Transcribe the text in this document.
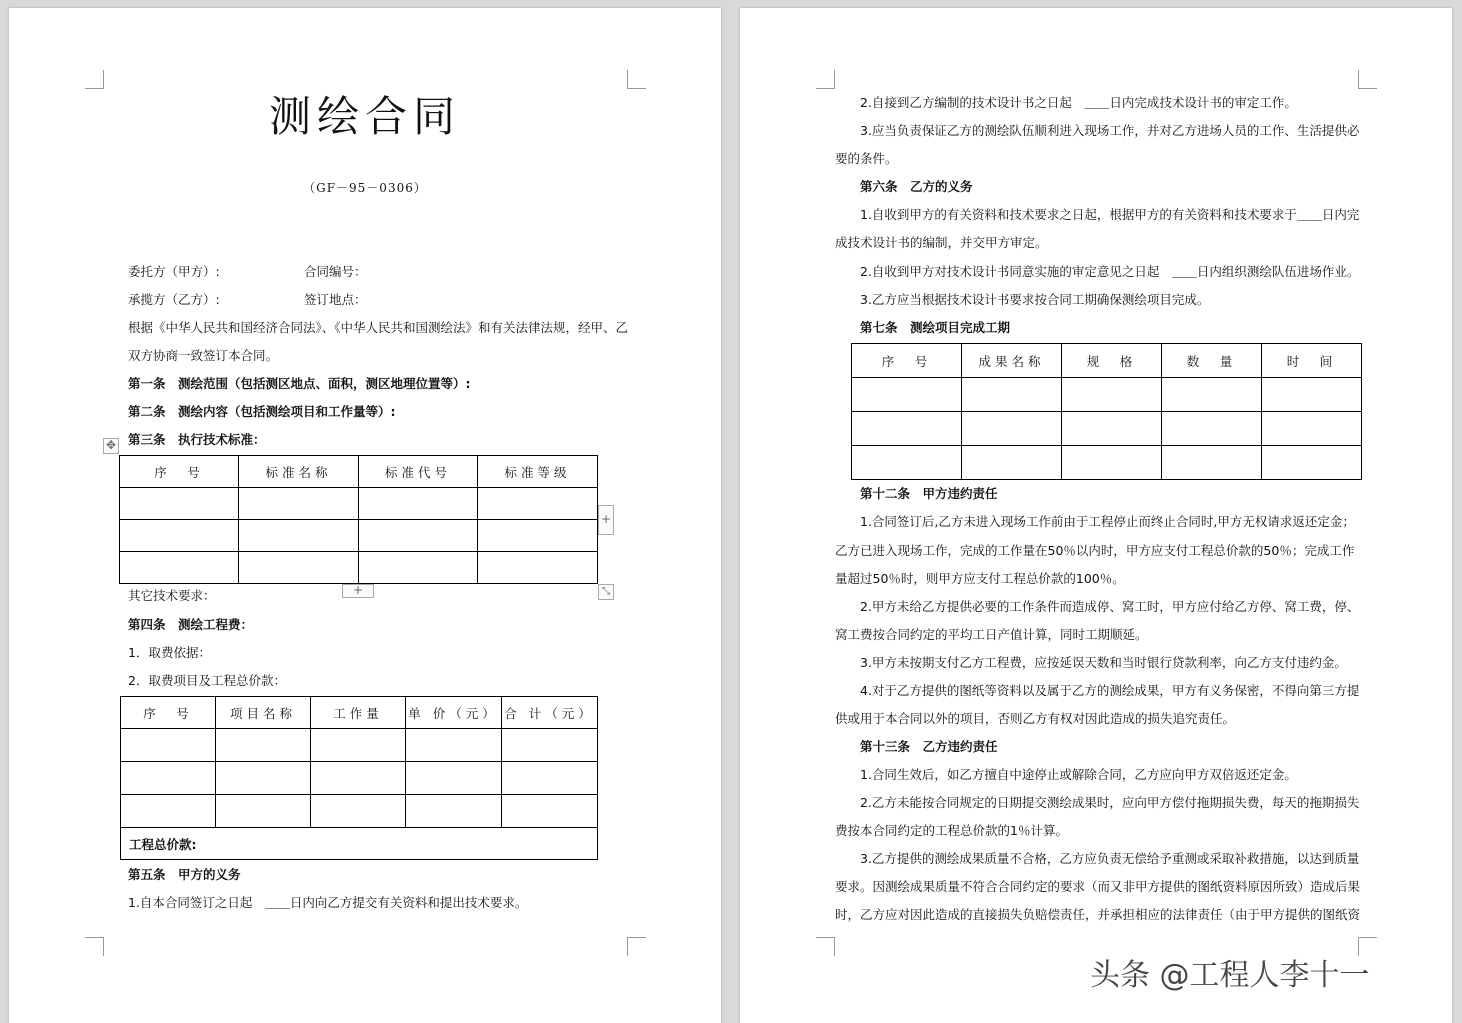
测绘合同
（GF－95－0306）
委托方（甲方）:	合同编号：
承揽方（乙方）:	签订地点：
根据《中华人民共和国经济合同法》、《中华人民共和国测绘法》和有关法律法规，经甲、乙
双方协商一致签订本合同。
第一条　测绘范围（包括测区地点、面积，测区地理位置等）:
第二条　测绘内容（包括测绘项目和工作量等）:
✥ 第三条　执行技术标准：
序　号	标准名称	标准代号	标准等级

+
+	⤡
其它技术要求：
第四条　测绘工程费：
1．取费依据：
2．取费项目及工程总价款：
序　号	项目名称	工作量	单 价（元）	合 计（元）

工程总价款:				
第五条　甲方的义务
1.自本合同签订之日起　＿＿日内向乙方提交有关资料和提出技术要求。
2.自接到乙方编制的技术设计书之日起　＿＿日内完成技术设计书的审定工作。
3.应当负责保证乙方的测绘队伍顺利进入现场工作，并对乙方进场人员的工作、生活提供必
要的条件。
第六条　乙方的义务
1.自收到甲方的有关资料和技术要求之日起，根据甲方的有关资料和技术要求于＿＿日内完
成技术设计书的编制，并交甲方审定。
2.自收到甲方对技术设计书同意实施的审定意见之日起　＿＿日内组织测绘队伍进场作业。
3.乙方应当根据技术设计书要求按合同工期确保测绘项目完成。
第七条　测绘项目完成工期
序　号	成果名称	规　格	数　量	时　间

第十二条　甲方违约责任
1.合同签订后,乙方未进入现场工作前由于工程停止而终止合同时,甲方无权请求返还定金；
乙方已进入现场工作，完成的工作量在50％以内时，甲方应支付工程总价款的50％；完成工作
量超过50％时，则甲方应支付工程总价款的100％。
2.甲方未给乙方提供必要的工作条件而造成停、窝工时，甲方应付给乙方停、窝工费，停、
窝工费按合同约定的平均工日产值计算，同时工期顺延。
3.甲方未按期支付乙方工程费，应按延误天数和当时银行贷款利率，向乙方支付违约金。
4.对于乙方提供的图纸等资料以及属于乙方的测绘成果，甲方有义务保密，不得向第三方提
供或用于本合同以外的项目，否则乙方有权对因此造成的损失追究责任。
第十三条　乙方违约责任
1.合同生效后，如乙方擅自中途停止或解除合同，乙方应向甲方双倍返还定金。
2.乙方未能按合同规定的日期提交测绘成果时，应向甲方偿付拖期损失费，每天的拖期损失
费按本合同约定的工程总价款的1％计算。
3.乙方提供的测绘成果质量不合格，乙方应负责无偿给予重测或采取补救措施，以达到质量
要求。因测绘成果质量不符合合同约定的要求（而又非甲方提供的图纸资料原因所致）造成后果
时，乙方应对因此造成的直接损失负赔偿责任，并承担相应的法律责任（由于甲方提供的图纸资
头条 @工程人李十一
